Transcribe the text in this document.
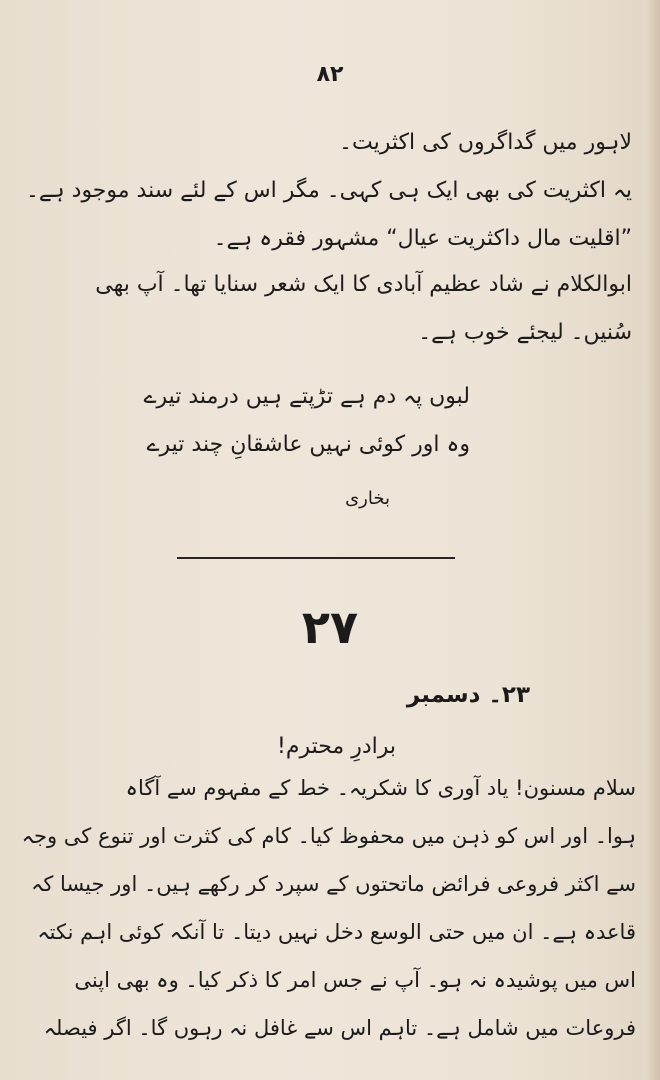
۸۲
لاہور میں گداگروں کی اکثریت۔
یہ اکثریت کی بھی ایک ہی کہی۔ مگر اس کے لئے سند موجود ہے۔
”اقلیت مال داکثریت عیال“ مشہور فقرہ ہے۔
ابوالکلام نے شاد عظیم آبادی کا ایک شعر سنایا تھا۔ آپ بھی
سُنیں۔ لیجئے خوب ہے۔
لبوں پہ دم ہے تڑپتے ہیں درمند تیرے
وہ اور کوئی نہیں عاشقانِ چند تیرے
بخاری
۲۷
۲۳۔ دسمبر
برادرِ محترم!
سلام مسنون! یاد آوری کا شکریہ۔ خط کے مفہوم سے آگاہ
ہوا۔ اور اس کو ذہن میں محفوظ کیا۔ کام کی کثرت اور تنوع کی وجہ
سے اکثر فروعی فرائض ماتحتوں کے سپرد کر رکھے ہیں۔ اور جیسا کہ
قاعدہ ہے۔ ان میں حتی الوسع دخل نہیں دیتا۔ تا آنکہ کوئی اہم نکتہ
اس میں پوشیدہ نہ ہو۔ آپ نے جس امر کا ذکر کیا۔ وہ بھی اپنی
فروعات میں شامل ہے۔ تاہم اس سے غافل نہ رہوں گا۔ اگر فیصلہ
